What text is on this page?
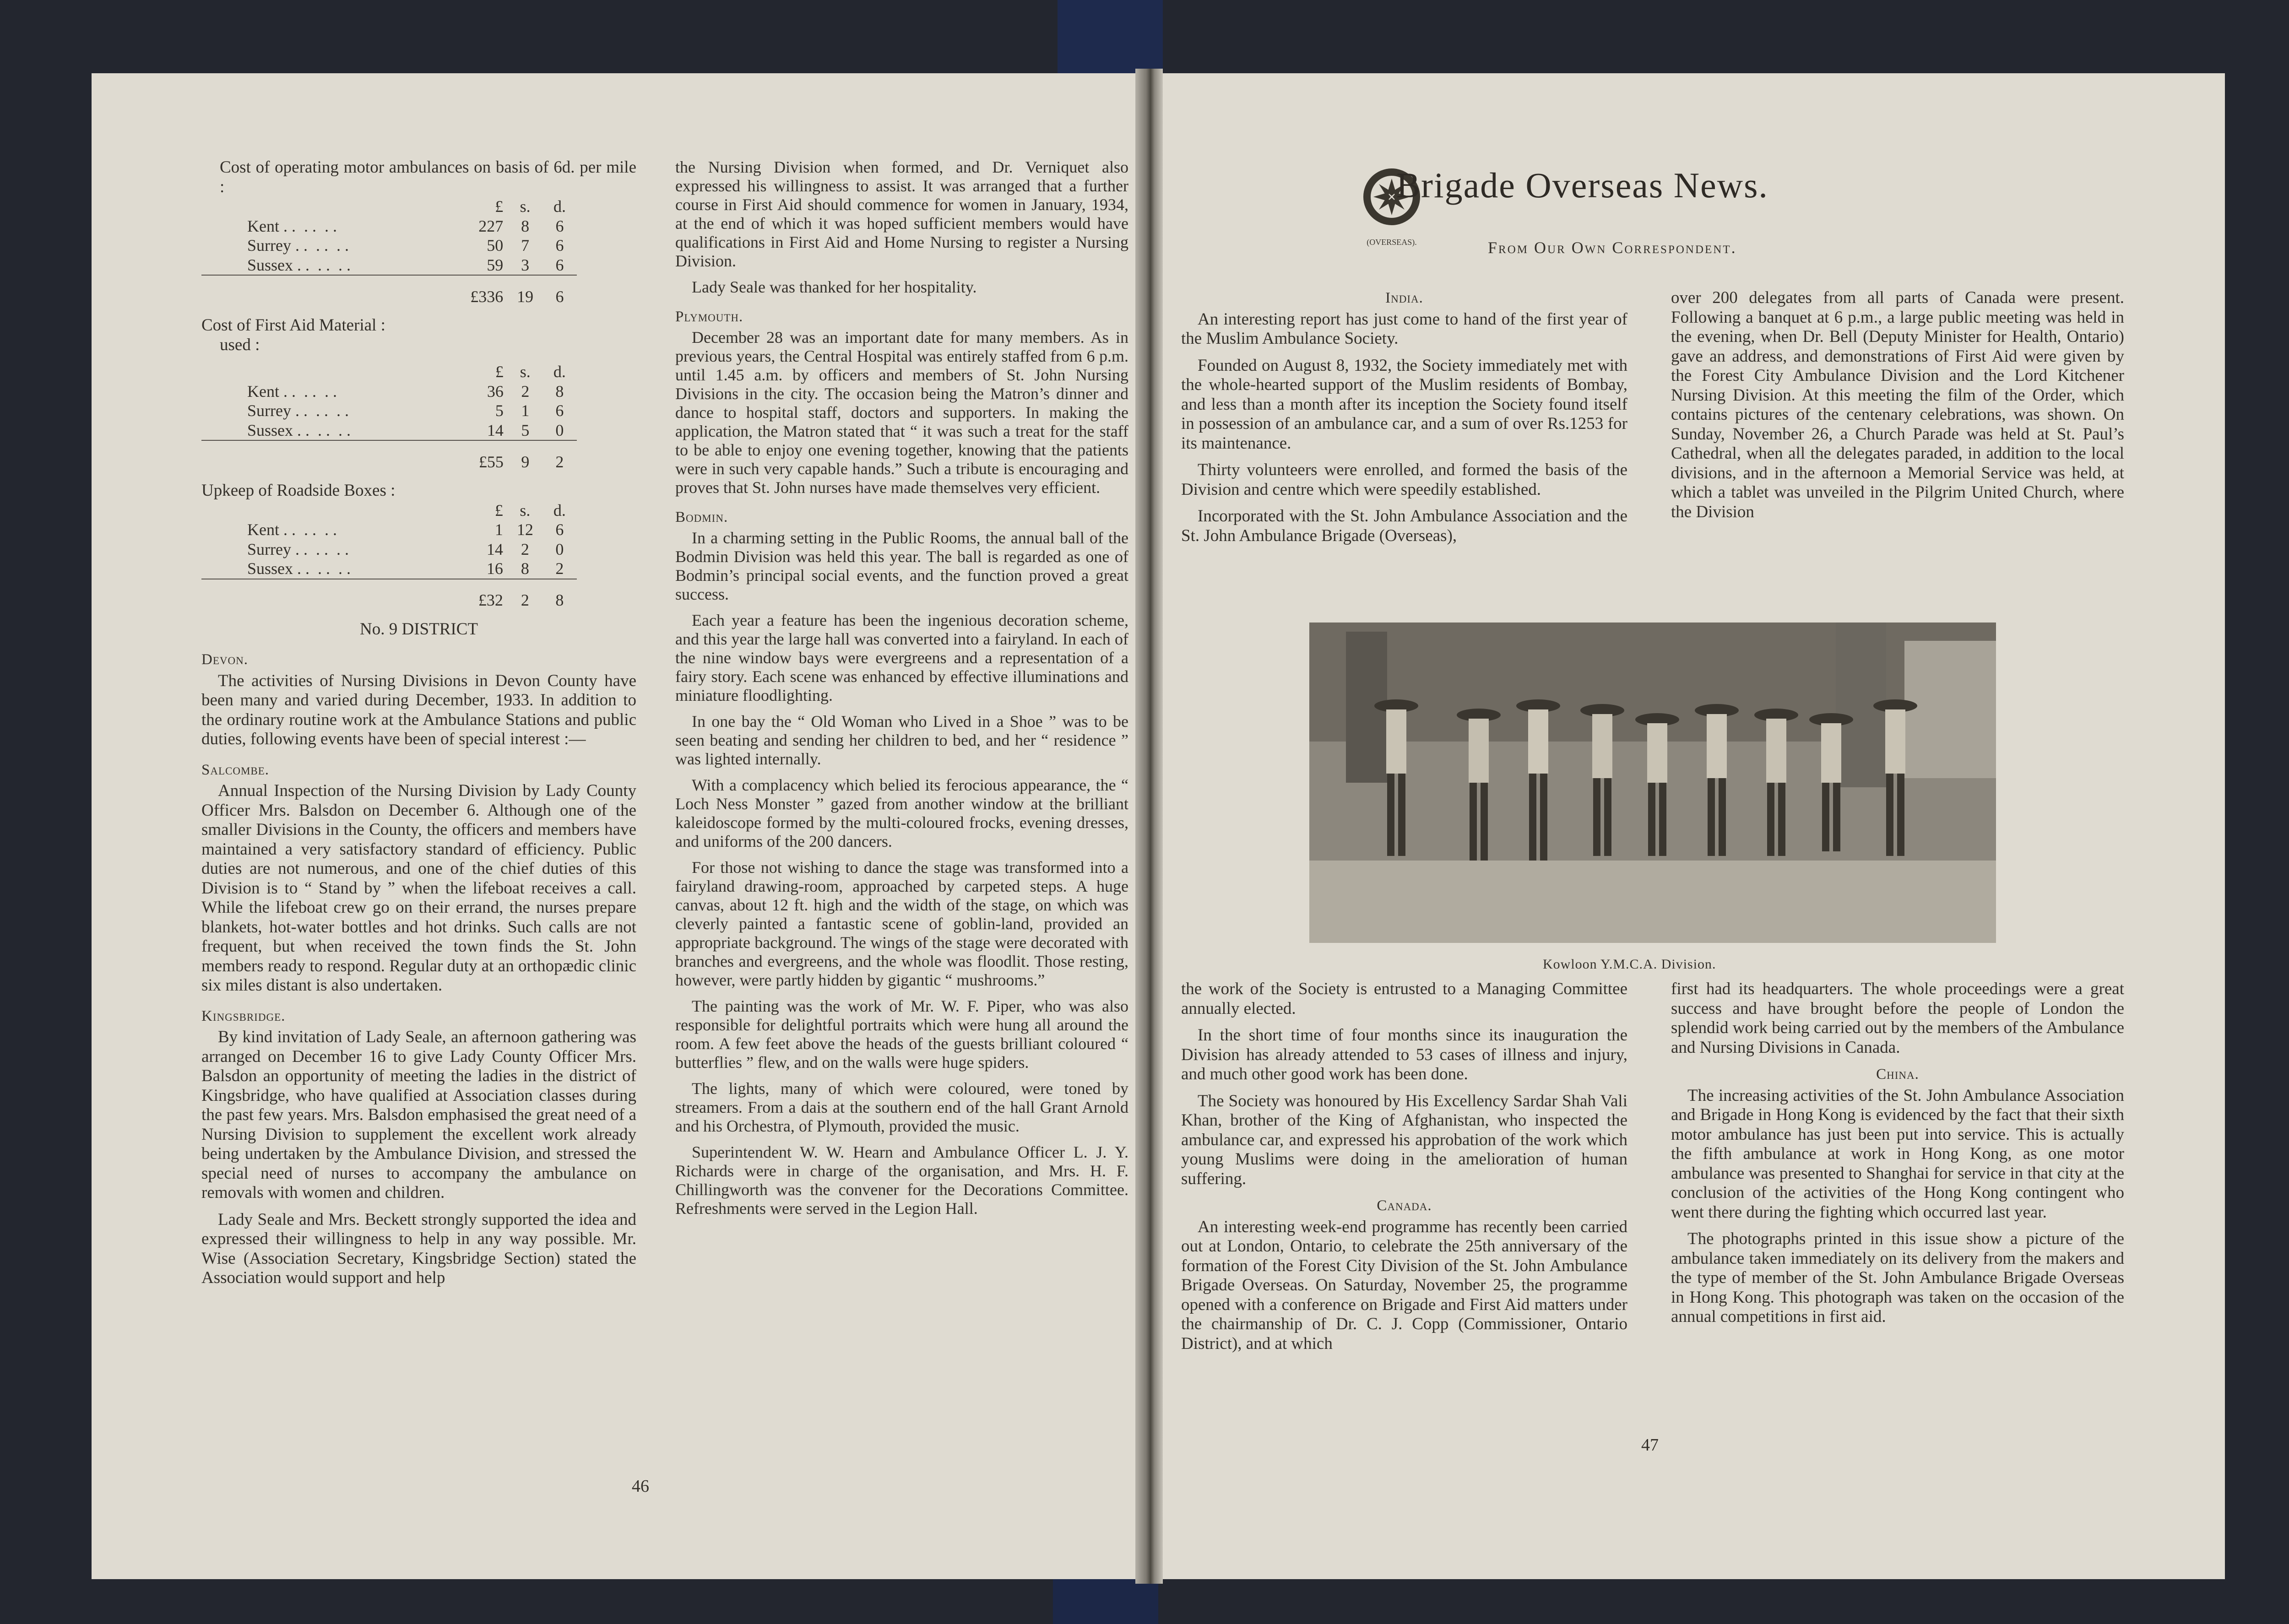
Cost of operating motor ambulances on basis of 6d. per mile :

	£	s.	d.
Kent . .  . .  . .	227	8	6
Surrey . .  . .  . .	50	7	6
Sussex . .  . .  . .	59	3	6
	£336	19	6

Cost of First Aid Material :

used :

	£	s.	d.
Kent . .  . .  . .	36	2	8
Surrey . .  . .  . .	5	1	6
Sussex . .  . .  . .	14	5	0
	£55	9	2

Upkeep of Roadside Boxes :

	£	s.	d.
Kent . .  . .  . .	1	12	6
Surrey . .  . .  . .	14	2	0
Sussex . .  . .  . .	16	8	2
	£32	2	8
No. 9 DISTRICT
Devon.

The activities of Nursing Divisions in Devon County have been many and varied during December, 1933. In addition to the ordinary routine work at the Ambulance Stations and public duties, following events have been of special interest :—

Salcombe.

Annual Inspection of the Nursing Division by Lady County Officer Mrs. Balsdon on December 6. Although one of the smaller Divisions in the County, the officers and members have maintained a very satisfactory standard of efficiency. Public duties are not numerous, and one of the chief duties of this Division is to “ Stand by ” when the lifeboat receives a call. While the lifeboat crew go on their errand, the nurses prepare blankets, hot-water bottles and hot drinks. Such calls are not frequent, but when received the town finds the St. John members ready to respond. Regular duty at an orthopædic clinic six miles distant is also undertaken.

Kingsbridge.

By kind invitation of Lady Seale, an afternoon gathering was arranged on December 16 to give Lady County Officer Mrs. Balsdon an opportunity of meeting the ladies in the district of Kingsbridge, who have qualified at Association classes during the past few years. Mrs. Balsdon emphasised the great need of a Nursing Division to supplement the excellent work already being undertaken by the Ambulance Division, and stressed the special need of nurses to accompany the ambulance on removals with women and children.

Lady Seale and Mrs. Beckett strongly supported the idea and expressed their willingness to help in any way possible. Mr. Wise (Association Secretary, Kingsbridge Section) stated the Association would support and help

the Nursing Division when formed, and Dr. Verniquet also expressed his willingness to assist. It was arranged that a further course in First Aid should commence for women in January, 1934, at the end of which it was hoped sufficient members would have qualifications in First Aid and Home Nursing to register a Nursing Division.

Lady Seale was thanked for her hospitality.

Plymouth.

December 28 was an important date for many members. As in previous years, the Central Hospital was entirely staffed from 6 p.m. until 1.45 a.m. by officers and members of St. John Nursing Divisions in the city. The occasion being the Matron’s dinner and dance to hospital staff, doctors and supporters. In making the application, the Matron stated that “ it was such a treat for the staff to be able to enjoy one evening together, knowing that the patients were in such very capable hands.” Such a tribute is encouraging and proves that St. John nurses have made themselves very efficient.

Bodmin.

In a charming setting in the Public Rooms, the annual ball of the Bodmin Division was held this year. The ball is regarded as one of Bodmin’s principal social events, and the function proved a great success.

Each year a feature has been the ingenious decoration scheme, and this year the large hall was converted into a fairyland. In each of the nine window bays were evergreens and a representation of a fairy story. Each scene was enhanced by effective illuminations and miniature floodlighting.

In one bay the “ Old Woman who Lived in a Shoe ” was to be seen beating and sending her children to bed, and her “ residence ” was lighted internally.

With a complacency which belied its ferocious appearance, the “ Loch Ness Monster ” gazed from another window at the brilliant kaleidoscope formed by the multi-coloured frocks, evening dresses, and uniforms of the 200 dancers.

For those not wishing to dance the stage was transformed into a fairyland drawing-room, approached by carpeted steps. A huge canvas, about 12 ft. high and the width of the stage, on which was cleverly painted a fantastic scene of goblin-land, provided an appropriate background. The wings of the stage were decorated with branches and evergreens, and the whole was floodlit. Those resting, however, were partly hidden by gigantic “ mushrooms.”

The painting was the work of Mr. W. F. Piper, who was also responsible for delightful portraits which were hung all around the room. A few feet above the heads of the guests brilliant coloured “ butterflies ” flew, and on the walls were huge spiders.

The lights, many of which were coloured, were toned by streamers. From a dais at the southern end of the hall Grant Arnold and his Orchestra, of Plymouth, provided the music.

Superintendent W. W. Hearn and Ambulance Officer L. J. Y. Richards were in charge of the organisation, and Mrs. H. F. Chillingworth was the convener for the Decorations Committee. Refreshments were served in the Legion Hall.

46
(OVERSEAS).
Brigade Overseas News.
From Our Own Correspondent.
India.

An interesting report has just come to hand of the first year of the Muslim Ambulance Society.

Founded on August 8, 1932, the Society immediately met with the whole-hearted support of the Muslim residents of Bombay, and less than a month after its inception the Society found itself in possession of an ambulance car, and a sum of over Rs.1253 for its maintenance.

Thirty volunteers were enrolled, and formed the basis of the Division and centre which were speedily established.

Incorporated with the St. John Ambulance Association and the St. John Ambulance Brigade (Overseas),

over 200 delegates from all parts of Canada were present. Following a banquet at 6 p.m., a large public meeting was held in the evening, when Dr. Bell (Deputy Minister for Health, Ontario) gave an address, and demonstrations of First Aid were given by the Forest City Ambulance Division and the Lord Kitchener Nursing Division. At this meeting the film of the Order, which contains pictures of the centenary celebrations, was shown. On Sunday, November 26, a Church Parade was held at St. Paul’s Cathedral, when all the delegates paraded, in addition to the local divisions, and in the afternoon a Memorial Service was held, at which a tablet was unveiled in the Pilgrim United Church, where the Division

Kowloon Y.M.C.A. Division.

the work of the Society is entrusted to a Managing Committee annually elected.

In the short time of four months since its inauguration the Division has already attended to 53 cases of illness and injury, and much other good work has been done.

The Society was honoured by His Excellency Sardar Shah Vali Khan, brother of the King of Afghanistan, who inspected the ambulance car, and expressed his approbation of the work which young Muslims were doing in the amelioration of human suffering.

Canada.

An interesting week-end programme has recently been carried out at London, Ontario, to celebrate the 25th anniversary of the formation of the Forest City Division of the St. John Ambulance Brigade Overseas. On Saturday, November 25, the programme opened with a conference on Brigade and First Aid matters under the chairmanship of Dr. C. J. Copp (Commissioner, Ontario District), and at which

first had its headquarters. The whole proceedings were a great success and have brought before the people of London the splendid work being carried out by the members of the Ambulance and Nursing Divisions in Canada.

China.

The increasing activities of the St. John Ambulance Association and Brigade in Hong Kong is evidenced by the fact that their sixth motor ambulance has just been put into service. This is actually the fifth ambulance at work in Hong Kong, as one motor ambulance was presented to Shanghai for service in that city at the conclusion of the activities of the Hong Kong contingent who went there during the fighting which occurred last year.

The photographs printed in this issue show a picture of the ambulance taken immediately on its delivery from the makers and the type of member of the St. John Ambulance Brigade Overseas in Hong Kong. This photograph was taken on the occasion of the annual competitions in first aid.

47
